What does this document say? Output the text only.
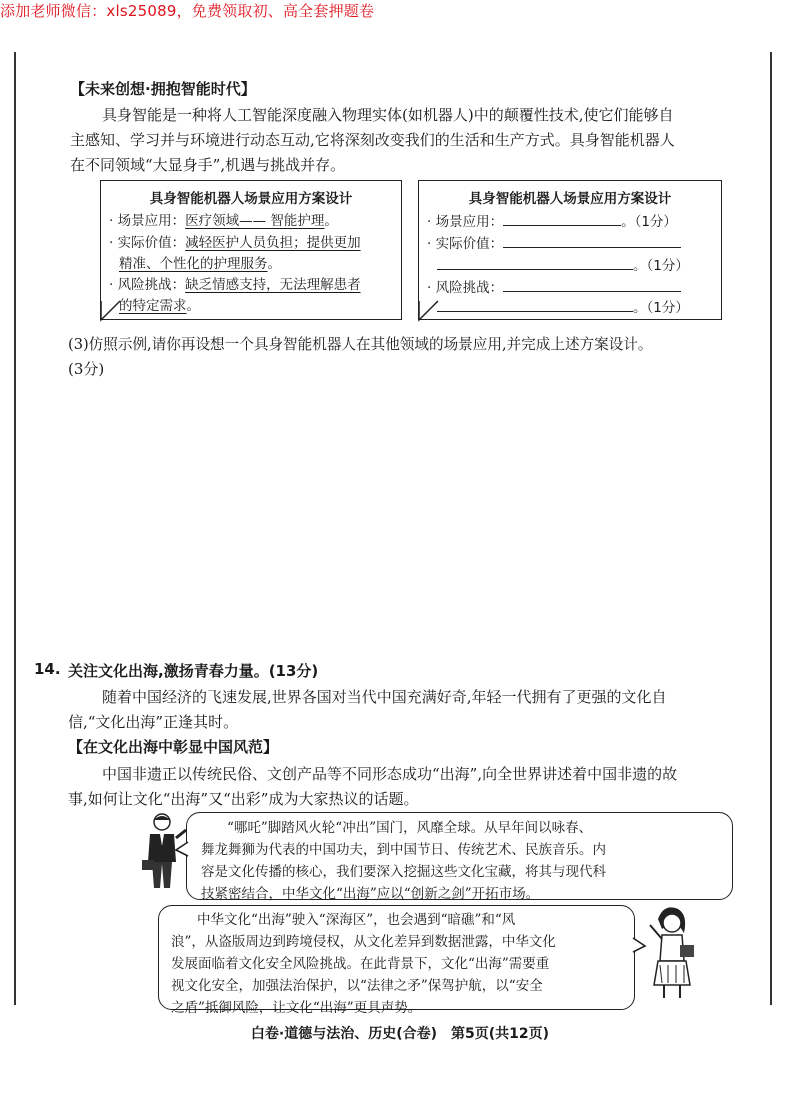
添加老师微信：xls25089，免费领取初、高全套押题卷
【未来创想·拥抱智能时代】
具身智能是一种将人工智能深度融入物理实体(如机器人)中的颠覆性技术,使它们能够自
主感知、学习并与环境进行动态互动,它将深刻改变我们的生活和生产方式。具身智能机器人
在不同领域“大显身手”,机遇与挑战并存。
具身智能机器人场景应用方案设计
· 场景应用：医疗领域—— 智能护理。
· 实际价值：减轻医护人员负担；提供更加
精准、个性化的护理服务。
· 风险挑战：缺乏情感支持，无法理解患者
的特定需求。
具身智能机器人场景应用方案设计
· 场景应用：	。（1分）
· 实际价值：
。（1分）
· 风险挑战：
。（1分）
(3)仿照示例,请你再设想一个具身智能机器人在其他领域的场景应用,并完成上述方案设计。
(3分)
14. 关注文化出海,激扬青春力量。(13分)
随着中国经济的飞速发展,世界各国对当代中国充满好奇,年轻一代拥有了更强的文化自
信,“文化出海”正逢其时。
【在文化出海中彰显中国风范】
中国非遗正以传统民俗、文创产品等不同形态成功“出海”,向全世界讲述着中国非遗的故
事,如何让文化“出海”又“出彩”成为大家热议的话题。
“哪吒”脚踏风火轮“冲出”国门，风靡全球。从早年间以咏春、
舞龙舞狮为代表的中国功夫，到中国节日、传统艺术、民族音乐。内
容是文化传播的核心，我们要深入挖掘这些文化宝藏，将其与现代科
技紧密结合，中华文化“出海”应以“创新之剑”开拓市场。
中华文化“出海”驶入“深海区”，也会遇到“暗礁”和“风
浪”，从盗版周边到跨境侵权，从文化差异到数据泄露，中华文化
发展面临着文化安全风险挑战。在此背景下，文化“出海”需要重
视文化安全，加强法治保护，以“法律之矛”保驾护航，以“安全
之盾”抵御风险，让文化“出海”更具声势。
白卷·道德与法治、历史(合卷)　第5页(共12页)
